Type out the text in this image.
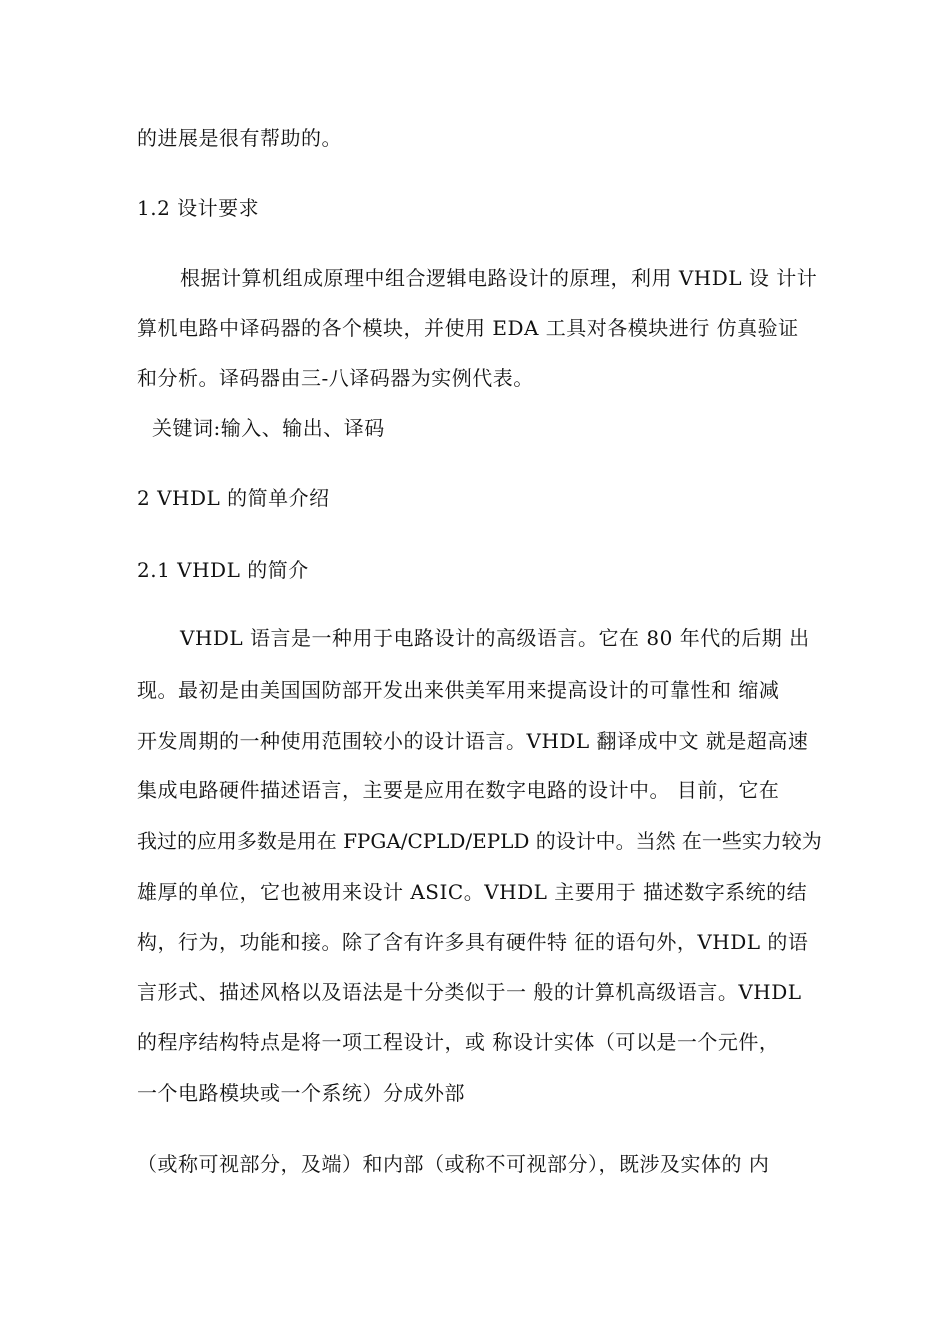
的进展是很有帮助的。
1.2 设计要求
根据计算机组成原理中组合逻辑电路设计的原理，利用 VHDL 设 计计
算机电路中译码器的各个模块，并使用 EDA 工具对各模块进行 仿真验证
和分析。译码器由三-八译码器为实例代表。
关键词:输入、输出、译码
2 VHDL 的简单介绍
2.1 VHDL 的简介
VHDL 语言是一种用于电路设计的高级语言。它在 80 年代的后期 出
现。最初是由美国国防部开发出来供美军用来提高设计的可靠性和 缩减
开发周期的一种使用范围较小的设计语言。VHDL 翻译成中文 就是超高速
集成电路硬件描述语言，主要是应用在数字电路的设计中。 目前，它在
我过的应用多数是用在 FPGA/CPLD/EPLD 的设计中。当然 在一些实力较为
雄厚的单位，它也被用来设计 ASIC。VHDL 主要用于 描述数字系统的结
构，行为，功能和接。除了含有许多具有硬件特 征的语句外，VHDL 的语
言形式、描述风格以及语法是十分类似于一 般的计算机高级语言。VHDL
的程序结构特点是将一项工程设计，或 称设计实体（可以是一个元件，
一个电路模块或一个系统）分成外部
（或称可视部分，及端）和内部（或称不可视部分），既涉及实体的 内
